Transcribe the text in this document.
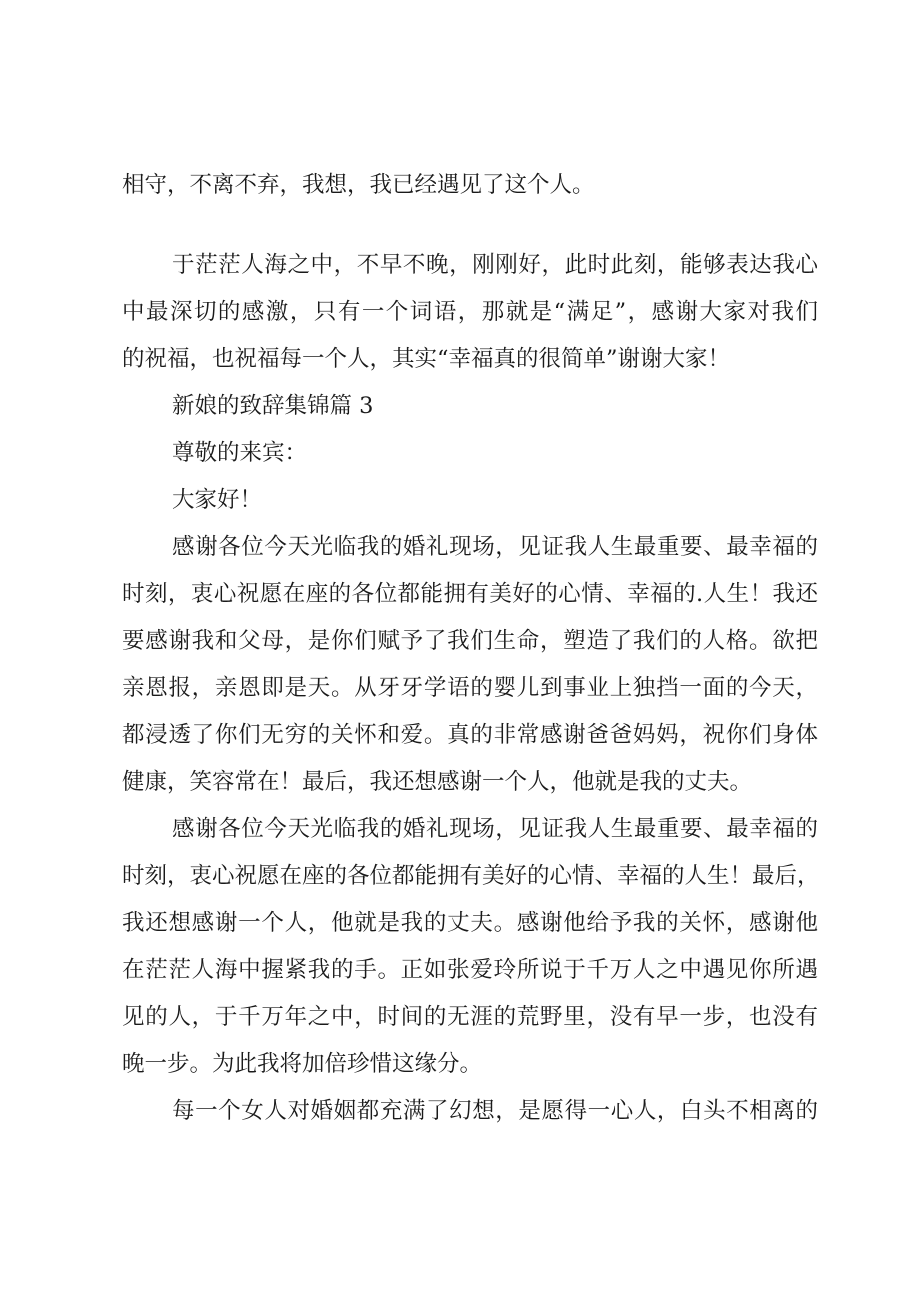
相守，不离不弃，我想，我已经遇见了这个人。
于茫茫人海之中，不早不晚，刚刚好，此时此刻，能够表达我心
中最深切的感激，只有一个词语，那就是“满足”，感谢大家对我们
的祝福，也祝福每一个人，其实“幸福真的很简单”谢谢大家！
新娘的致辞集锦篇 3
尊敬的来宾：
大家好！
感谢各位今天光临我的婚礼现场，见证我人生最重要、最幸福的
时刻，衷心祝愿在座的各位都能拥有美好的心情、幸福的.人生！我还
要感谢我和父母，是你们赋予了我们生命，塑造了我们的人格。欲把
亲恩报，亲恩即是天。从牙牙学语的婴儿到事业上独挡一面的今天，
都浸透了你们无穷的关怀和爱。真的非常感谢爸爸妈妈，祝你们身体
健康，笑容常在！最后，我还想感谢一个人，他就是我的丈夫。
感谢各位今天光临我的婚礼现场，见证我人生最重要、最幸福的
时刻，衷心祝愿在座的各位都能拥有美好的心情、幸福的人生！最后，
我还想感谢一个人，他就是我的丈夫。感谢他给予我的关怀，感谢他
在茫茫人海中握紧我的手。正如张爱玲所说于千万人之中遇见你所遇
见的人，于千万年之中，时间的无涯的荒野里，没有早一步，也没有
晚一步。为此我将加倍珍惜这缘分。
每一个女人对婚姻都充满了幻想，是愿得一心人，白头不相离的
